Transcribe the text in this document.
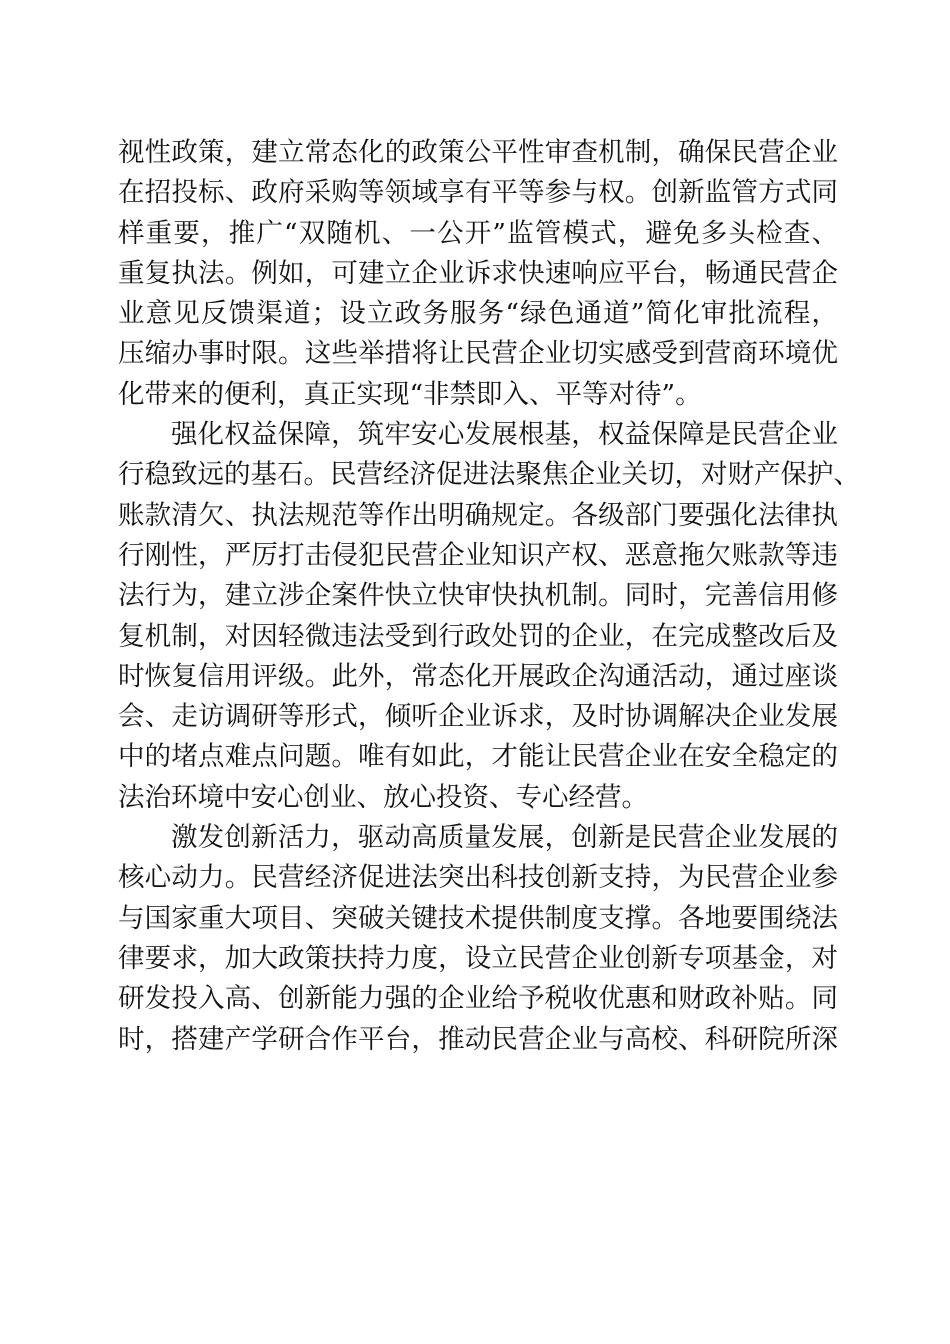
视性政策，建立常态化的政策公平性审查机制，确保民营企业
在招投标、政府采购等领域享有平等参与权。创新监管方式同
样重要，推广“双随机、一公开”监管模式，避免多头检查、
重复执法。例如，可建立企业诉求快速响应平台，畅通民营企
业意见反馈渠道；设立政务服务“绿色通道”简化审批流程，
压缩办事时限。这些举措将让民营企业切实感受到营商环境优
化带来的便利，真正实现“非禁即入、平等对待”。
强化权益保障，筑牢安心发展根基，权益保障是民营企业
行稳致远的基石。民营经济促进法聚焦企业关切，对财产保护、
账款清欠、执法规范等作出明确规定。各级部门要强化法律执
行刚性，严厉打击侵犯民营企业知识产权、恶意拖欠账款等违
法行为，建立涉企案件快立快审快执机制。同时，完善信用修
复机制，对因轻微违法受到行政处罚的企业，在完成整改后及
时恢复信用评级。此外，常态化开展政企沟通活动，通过座谈
会、走访调研等形式，倾听企业诉求，及时协调解决企业发展
中的堵点难点问题。唯有如此，才能让民营企业在安全稳定的
法治环境中安心创业、放心投资、专心经营。
激发创新活力，驱动高质量发展，创新是民营企业发展的
核心动力。民营经济促进法突出科技创新支持，为民营企业参
与国家重大项目、突破关键技术提供制度支撑。各地要围绕法
律要求，加大政策扶持力度，设立民营企业创新专项基金，对
研发投入高、创新能力强的企业给予税收优惠和财政补贴。同
时，搭建产学研合作平台，推动民营企业与高校、科研院所深
